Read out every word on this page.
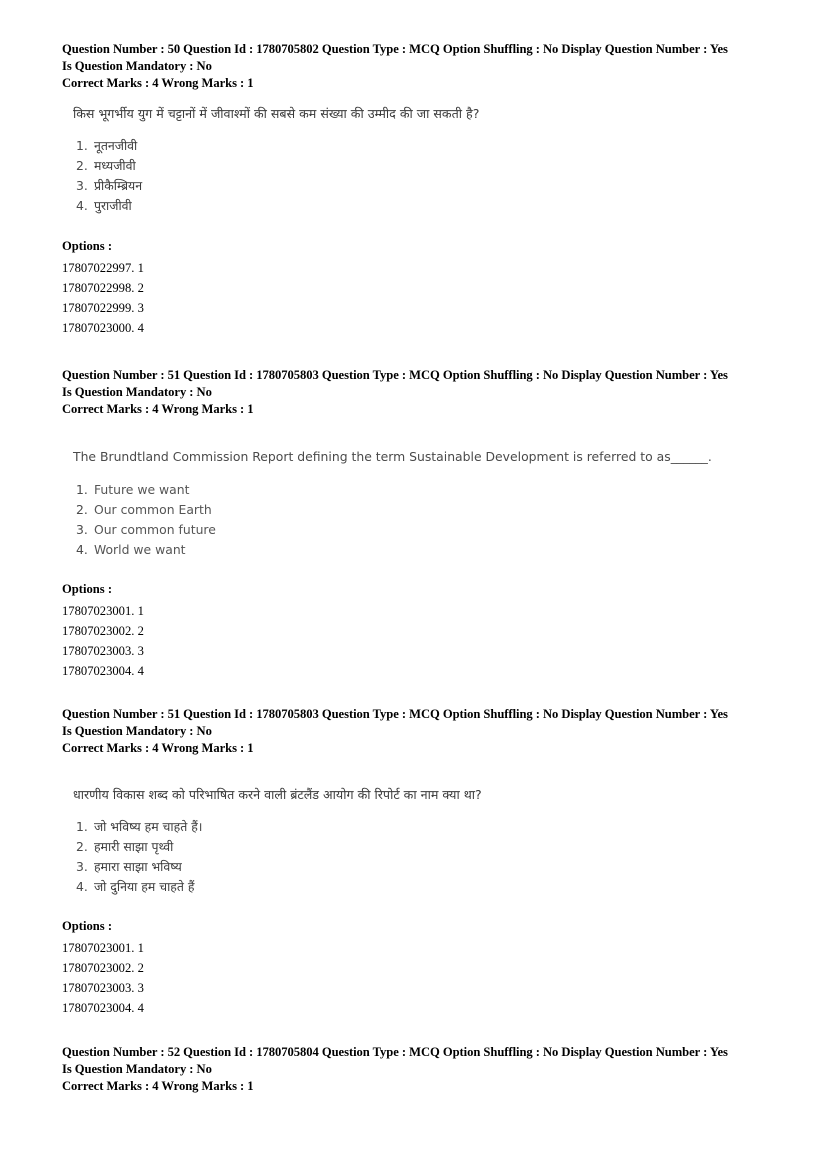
Question Number : 50 Question Id : 1780705802 Question Type : MCQ Option Shuffling : No Display Question Number : Yes
Is Question Mandatory : No
Correct Marks : 4 Wrong Marks : 1

किस भूगर्भीय युग में चट्टानों में जीवाश्मों की सबसे कम संख्या की उम्मीद की जा सकती है?

1. नूतनजीवी
2. मध्यजीवी
3. प्रीकैम्ब्रियन
4. पुराजीवी
Options :
17807022997. 1
17807022998. 2
17807022999. 3
17807023000. 4
Question Number : 51 Question Id : 1780705803 Question Type : MCQ Option Shuffling : No Display Question Number : Yes
Is Question Mandatory : No
Correct Marks : 4 Wrong Marks : 1

The Brundtland Commission Report defining the term Sustainable Development is referred to as______.

1. Future we want
2. Our common Earth
3. Our common future
4. World we want
Options :
17807023001. 1
17807023002. 2
17807023003. 3
17807023004. 4
Question Number : 51 Question Id : 1780705803 Question Type : MCQ Option Shuffling : No Display Question Number : Yes
Is Question Mandatory : No
Correct Marks : 4 Wrong Marks : 1

धारणीय विकास शब्द को परिभाषित करने वाली ब्रंटलैंड आयोग की रिपोर्ट का नाम क्या था?

1. जो भविष्य हम चाहते हैं।
2. हमारी साझा पृथ्वी
3. हमारा साझा भविष्य
4. जो दुनिया हम चाहते हैं
Options :
17807023001. 1
17807023002. 2
17807023003. 3
17807023004. 4
Question Number : 52 Question Id : 1780705804 Question Type : MCQ Option Shuffling : No Display Question Number : Yes
Is Question Mandatory : No
Correct Marks : 4 Wrong Marks : 1
